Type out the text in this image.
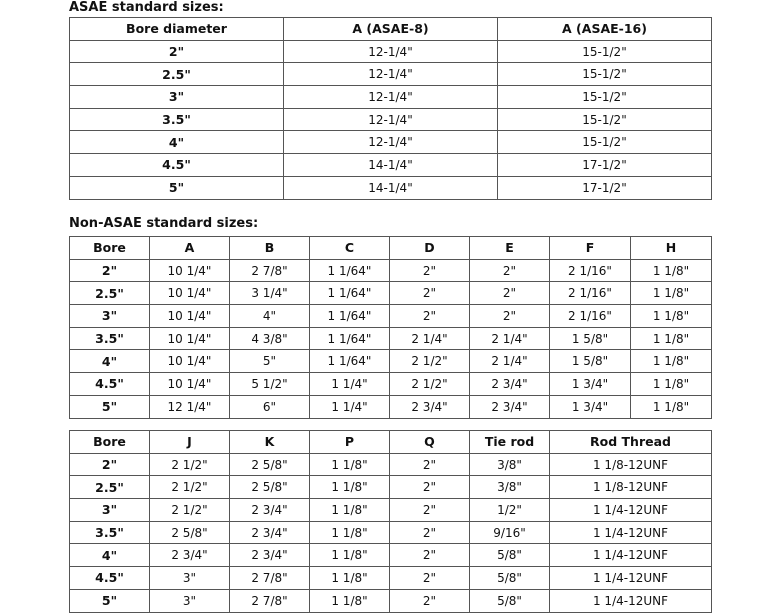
ASAE standard sizes:
Bore diameter	A (ASAE-8)	A (ASAE-16)
2"	12-1/4"	15-1/2"
2.5"	12-1/4"	15-1/2"
3"	12-1/4"	15-1/2"
3.5"	12-1/4"	15-1/2"
4"	12-1/4"	15-1/2"
4.5"	14-1/4"	17-1/2"
5"	14-1/4"	17-1/2"
Non-ASAE standard sizes:
Bore	A	B	C	D	E	F	H
2"	10 1/4"	2 7/8"	1 1/64"	2"	2"	2 1/16"	1 1/8"
2.5"	10 1/4"	3 1/4"	1 1/64"	2"	2"	2 1/16"	1 1/8"
3"	10 1/4"	4"	1 1/64"	2"	2"	2 1/16"	1 1/8"
3.5"	10 1/4"	4 3/8"	1 1/64"	2 1/4"	2 1/4"	1 5/8"	1 1/8"
4"	10 1/4"	5"	1 1/64"	2 1/2"	2 1/4"	1 5/8"	1 1/8"
4.5"	10 1/4"	5 1/2"	1 1/4"	2 1/2"	2 3/4"	1 3/4"	1 1/8"
5"	12 1/4"	6"	1 1/4"	2 3/4"	2 3/4"	1 3/4"	1 1/8"
Bore	J	K	P	Q	Tie rod	Rod Thread
2"	2 1/2"	2 5/8"	1 1/8"	2"	3/8"	1 1/8-12UNF
2.5"	2 1/2"	2 5/8"	1 1/8"	2"	3/8"	1 1/8-12UNF
3"	2 1/2"	2 3/4"	1 1/8"	2"	1/2"	1 1/4-12UNF
3.5"	2 5/8"	2 3/4"	1 1/8"	2"	9/16"	1 1/4-12UNF
4"	2 3/4"	2 3/4"	1 1/8"	2"	5/8"	1 1/4-12UNF
4.5"	3"	2 7/8"	1 1/8"	2"	5/8"	1 1/4-12UNF
5"	3"	2 7/8"	1 1/8"	2"	5/8"	1 1/4-12UNF
